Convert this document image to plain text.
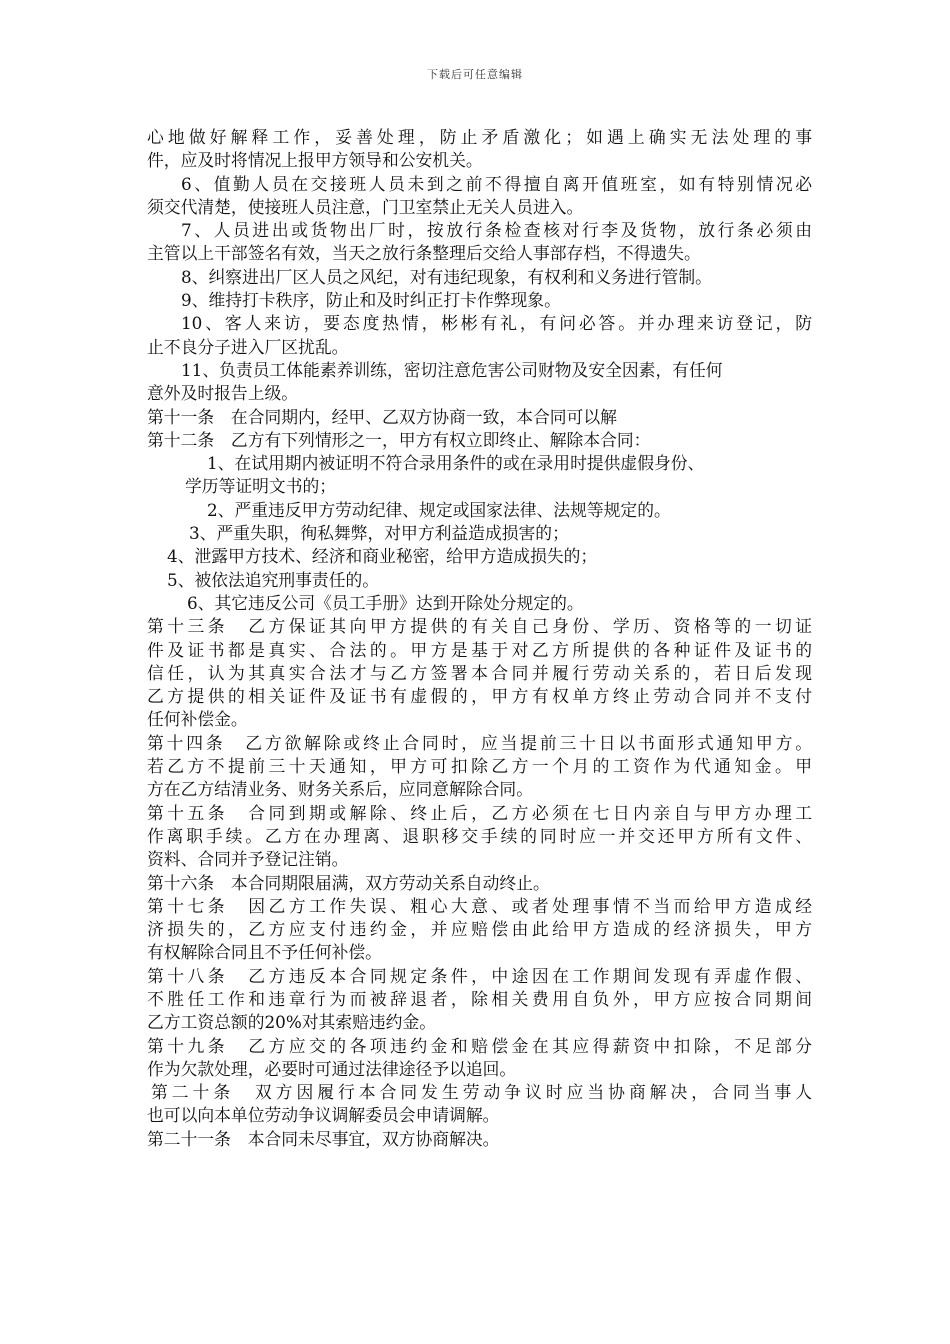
下载后可任意编辑
心地做好解释工作，妥善处理，防止矛盾激化；如遇上确实无法处理的事
件，应及时将情况上报甲方领导和公安机关。
6、值勤人员在交接班人员未到之前不得擅自离开值班室，如有特别情况必
须交代清楚，使接班人员注意，门卫室禁止无关人员进入。
7、人员进出或货物出厂时，按放行条检查核对行李及货物，放行条必须由
主管以上干部签名有效，当天之放行条整理后交给人事部存档，不得遗失。
8、纠察进出厂区人员之风纪，对有违纪现象，有权利和义务进行管制。
9、维持打卡秩序，防止和及时纠正打卡作弊现象。
10、客人来访，要态度热情，彬彬有礼，有问必答。并办理来访登记，防
止不良分子进入厂区扰乱。
11、负责员工体能素养训练，密切注意危害公司财物及安全因素，有任何
意外及时报告上级。
第十一条　在合同期内，经甲、乙双方协商一致，本合同可以解
第十二条　乙方有下列情形之一，甲方有权立即终止、解除本合同：
1、在试用期内被证明不符合录用条件的或在录用时提供虚假身份、
学历等证明文书的；
2、严重违反甲方劳动纪律、规定或国家法律、法规等规定的。
3、严重失职，徇私舞弊，对甲方利益造成损害的；
4、泄露甲方技术、经济和商业秘密，给甲方造成损失的；
5、被依法追究刑事责任的。
6、其它违反公司《员工手册》达到开除处分规定的。
第十三条　乙方保证其向甲方提供的有关自己身份、学历、资格等的一切证
件及证书都是真实、合法的。甲方是基于对乙方所提供的各种证件及证书的
信任，认为其真实合法才与乙方签署本合同并履行劳动关系的，若日后发现
乙方提供的相关证件及证书有虚假的，甲方有权单方终止劳动合同并不支付
任何补偿金。
第十四条　乙方欲解除或终止合同时，应当提前三十日以书面形式通知甲方。
若乙方不提前三十天通知，甲方可扣除乙方一个月的工资作为代通知金。甲
方在乙方结清业务、财务关系后，应同意解除合同。
第十五条　合同到期或解除、终止后，乙方必须在七日内亲自与甲方办理工
作离职手续。乙方在办理离、退职移交手续的同时应一并交还甲方所有文件、
资料、合同并予登记注销。
第十六条　本合同期限届满，双方劳动关系自动终止。
第十七条　因乙方工作失误、粗心大意、或者处理事情不当而给甲方造成经
济损失的，乙方应支付违约金，并应赔偿由此给甲方造成的经济损失，甲方
有权解除合同且不予任何补偿。
第十八条　乙方违反本合同规定条件，中途因在工作期间发现有弄虚作假、
不胜任工作和违章行为而被辞退者，除相关费用自负外，甲方应按合同期间
乙方工资总额的20%对其索赔违约金。
第十九条　乙方应交的各项违约金和赔偿金在其应得薪资中扣除，不足部分
作为欠款处理，必要时可通过法律途径予以追回。
第二十条　双方因履行本合同发生劳动争议时应当协商解决，合同当事人
也可以向本单位劳动争议调解委员会申请调解。
第二十一条　本合同未尽事宜，双方协商解决。
